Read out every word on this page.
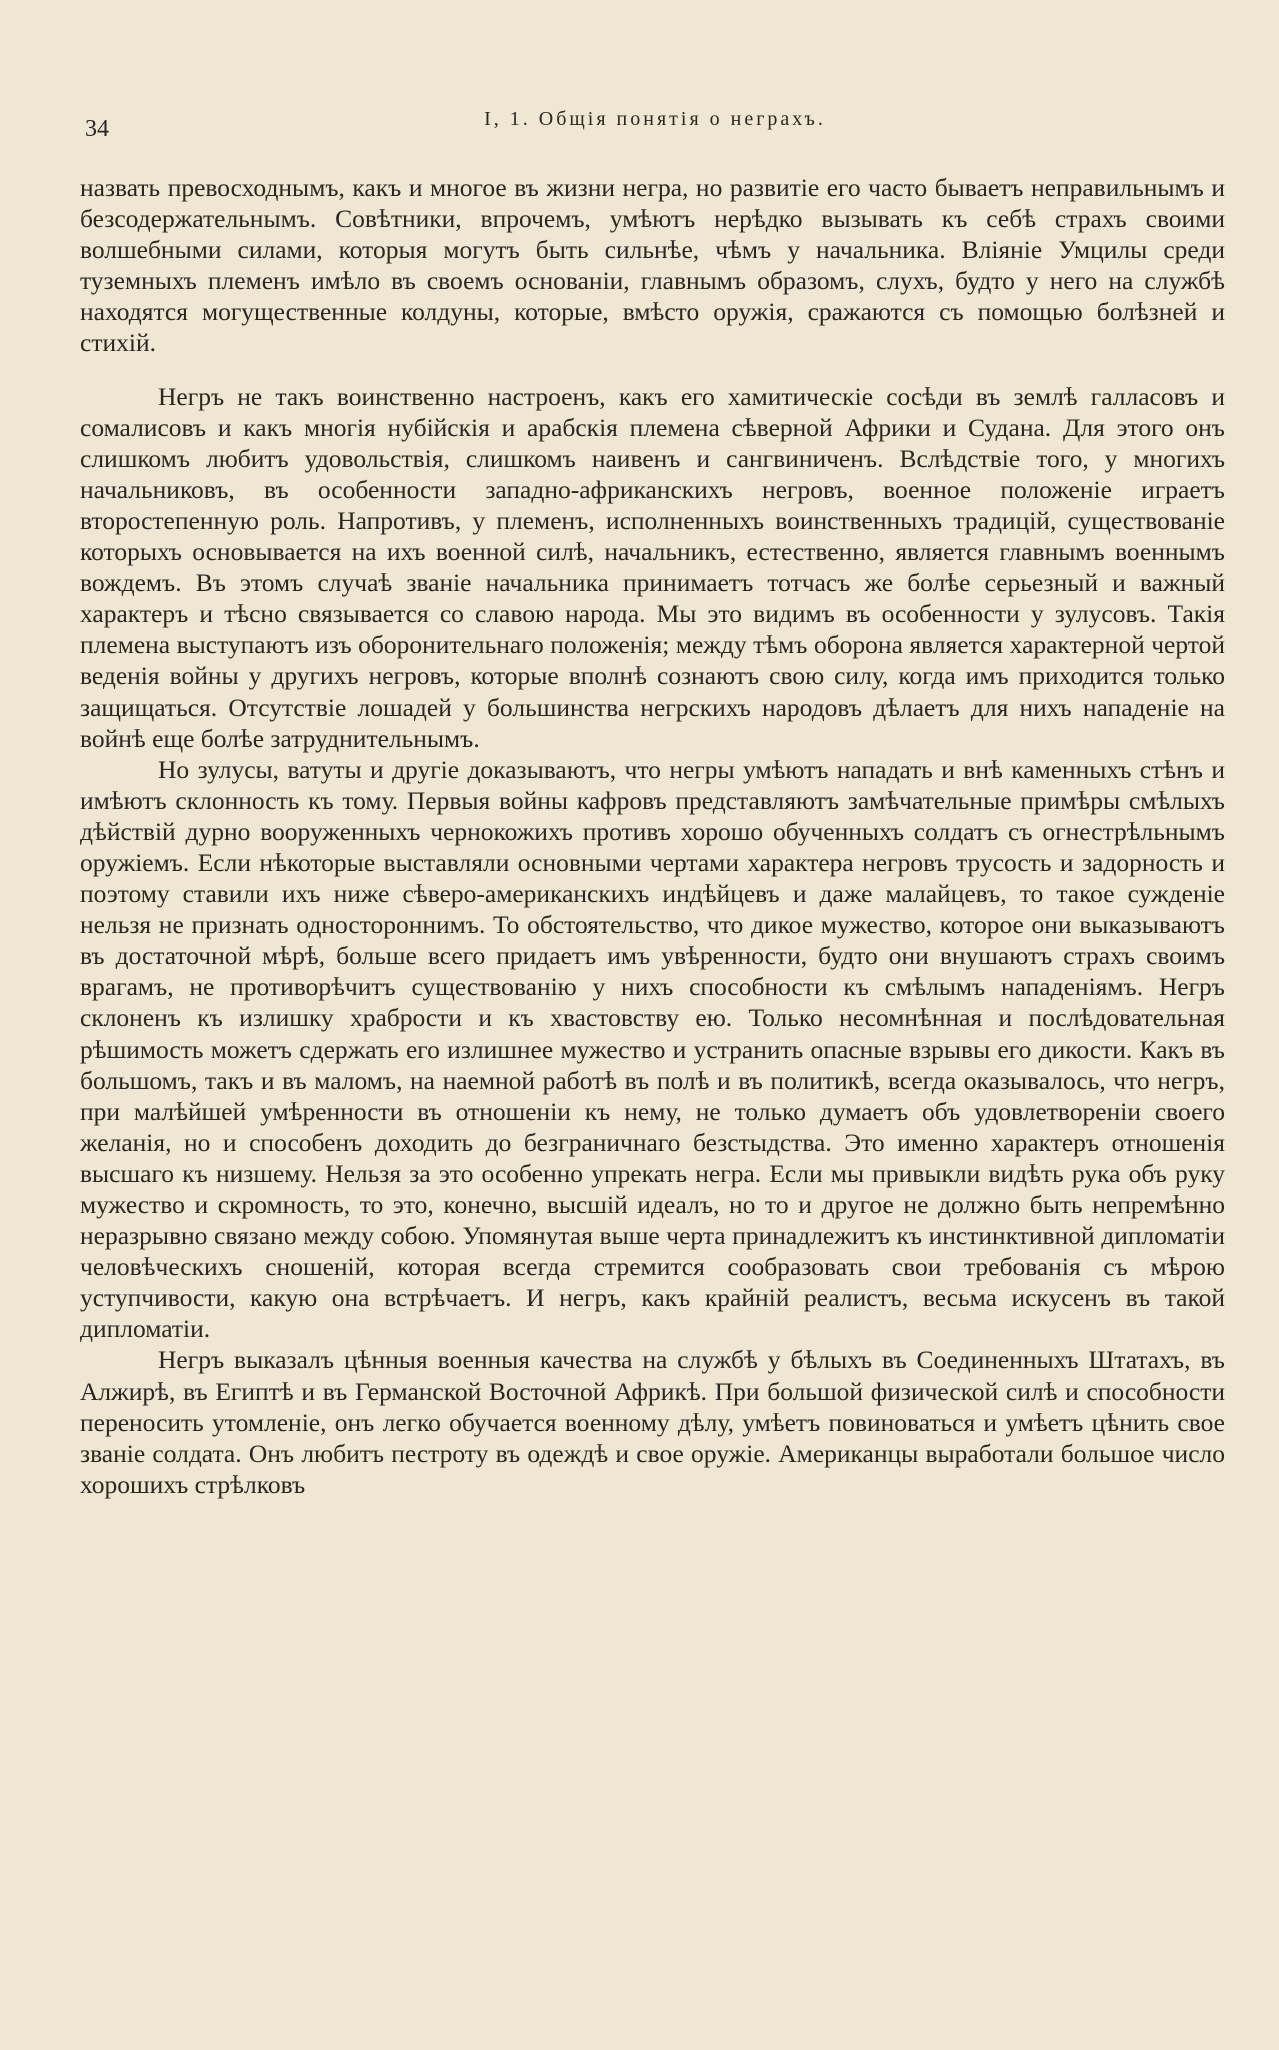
34	I, 1. Общія понятія о неграхъ.

назвать превосходнымъ, какъ и многое въ жизни негра, но развитіе его часто бываетъ неправильнымъ и безсодержательнымъ. Совѣтники, впрочемъ, умѣютъ нерѣдко вызывать къ себѣ страхъ своими волшебными силами, которыя могутъ быть сильнѣе, чѣмъ у начальника. Вліяніе Умцилы среди туземныхъ племенъ имѣло въ своемъ основаніи, главнымъ образомъ, слухъ, будто у него на службѣ находятся могущественные колдуны, которые, вмѣсто оружія, сражаются съ помощью болѣзней и стихій.

Негръ не такъ воинственно настроенъ, какъ его хамитическіе сосѣди въ землѣ галласовъ и сомалисовъ и какъ многія нубійскія и арабскія племена сѣверной Африки и Судана. Для этого онъ слишкомъ любитъ удовольствія, слишкомъ наивенъ и сангвиниченъ. Вслѣдствіе того, у многихъ начальниковъ, въ особенности западно-африканскихъ негровъ, военное положеніе играетъ второстепенную роль. Напротивъ, у племенъ, исполненныхъ воинственныхъ традицій, существованіе которыхъ основывается на ихъ военной силѣ, начальникъ, естественно, является главнымъ военнымъ вождемъ. Въ этомъ случаѣ званіе начальника принимаетъ тотчасъ же болѣе серьезный и важный характеръ и тѣсно связывается со славою народа. Мы это видимъ въ особенности у зулусовъ. Такія племена выступаютъ изъ оборонительнаго положенія; между тѣмъ оборона является характерной чертой веденія войны у другихъ негровъ, которые вполнѣ сознаютъ свою силу, когда имъ приходится только защищаться. Отсутствіе лошадей у большинства негрскихъ народовъ дѣлаетъ для нихъ нападеніе на войнѣ еще болѣе затруднительнымъ.

Но зулусы, ватуты и другіе доказываютъ, что негры умѣютъ нападать и внѣ каменныхъ стѣнъ и имѣютъ склонность къ тому. Первыя войны кафровъ представляютъ замѣчательные примѣры смѣлыхъ дѣйствій дурно вооруженныхъ чернокожихъ противъ хорошо обученныхъ солдатъ съ огнестрѣльнымъ оружіемъ. Если нѣкоторые выставляли основными чертами характера негровъ трусость и задорность и поэтому ставили ихъ ниже сѣверо-американскихъ индѣйцевъ и даже малайцевъ, то такое сужденіе нельзя не признать одностороннимъ. То обстоятельство, что дикое мужество, которое они выказываютъ въ достаточной мѣрѣ, больше всего придаетъ имъ увѣренности, будто они внушаютъ страхъ своимъ врагамъ, не противорѣчитъ существованію у нихъ способности къ смѣлымъ нападеніямъ. Негръ склоненъ къ излишку храбрости и къ хвастовству ею. Только несомнѣнная и послѣдовательная рѣшимость можетъ сдержать его излишнее мужество и устранить опасные взрывы его дикости. Какъ въ большомъ, такъ и въ маломъ, на наемной работѣ въ полѣ и въ политикѣ, всегда оказывалось, что негръ, при малѣйшей умѣренности въ отношеніи къ нему, не только думаетъ объ удовлетвореніи своего желанія, но и способенъ доходить до безграничнаго безстыдства. Это именно характеръ отношенія высшаго къ низшему. Нельзя за это особенно упрекать негра. Если мы привыкли видѣть рука объ руку мужество и скромность, то это, конечно, высшій идеалъ, но то и другое не должно быть непремѣнно неразрывно связано между собою. Упомянутая выше черта принадлежитъ къ инстинктивной дипломатіи человѣческихъ сношеній, которая всегда стремится сообразовать свои требованія съ мѣрою уступчивости, какую она встрѣчаетъ. И негръ, какъ крайній реалистъ, весьма искусенъ въ такой дипломатіи.

Негръ выказалъ цѣнныя военныя качества на службѣ у бѣлыхъ въ Соединенныхъ Штатахъ, въ Алжирѣ, въ Египтѣ и въ Германской Восточной Африкѣ. При большой физической силѣ и способности переносить утомленіе, онъ легко обучается военному дѣлу, умѣетъ повиноваться и умѣетъ цѣнить свое званіе солдата. Онъ любитъ пестроту въ одеждѣ и свое оружіе. Американцы выработали большое число хорошихъ стрѣлковъ
